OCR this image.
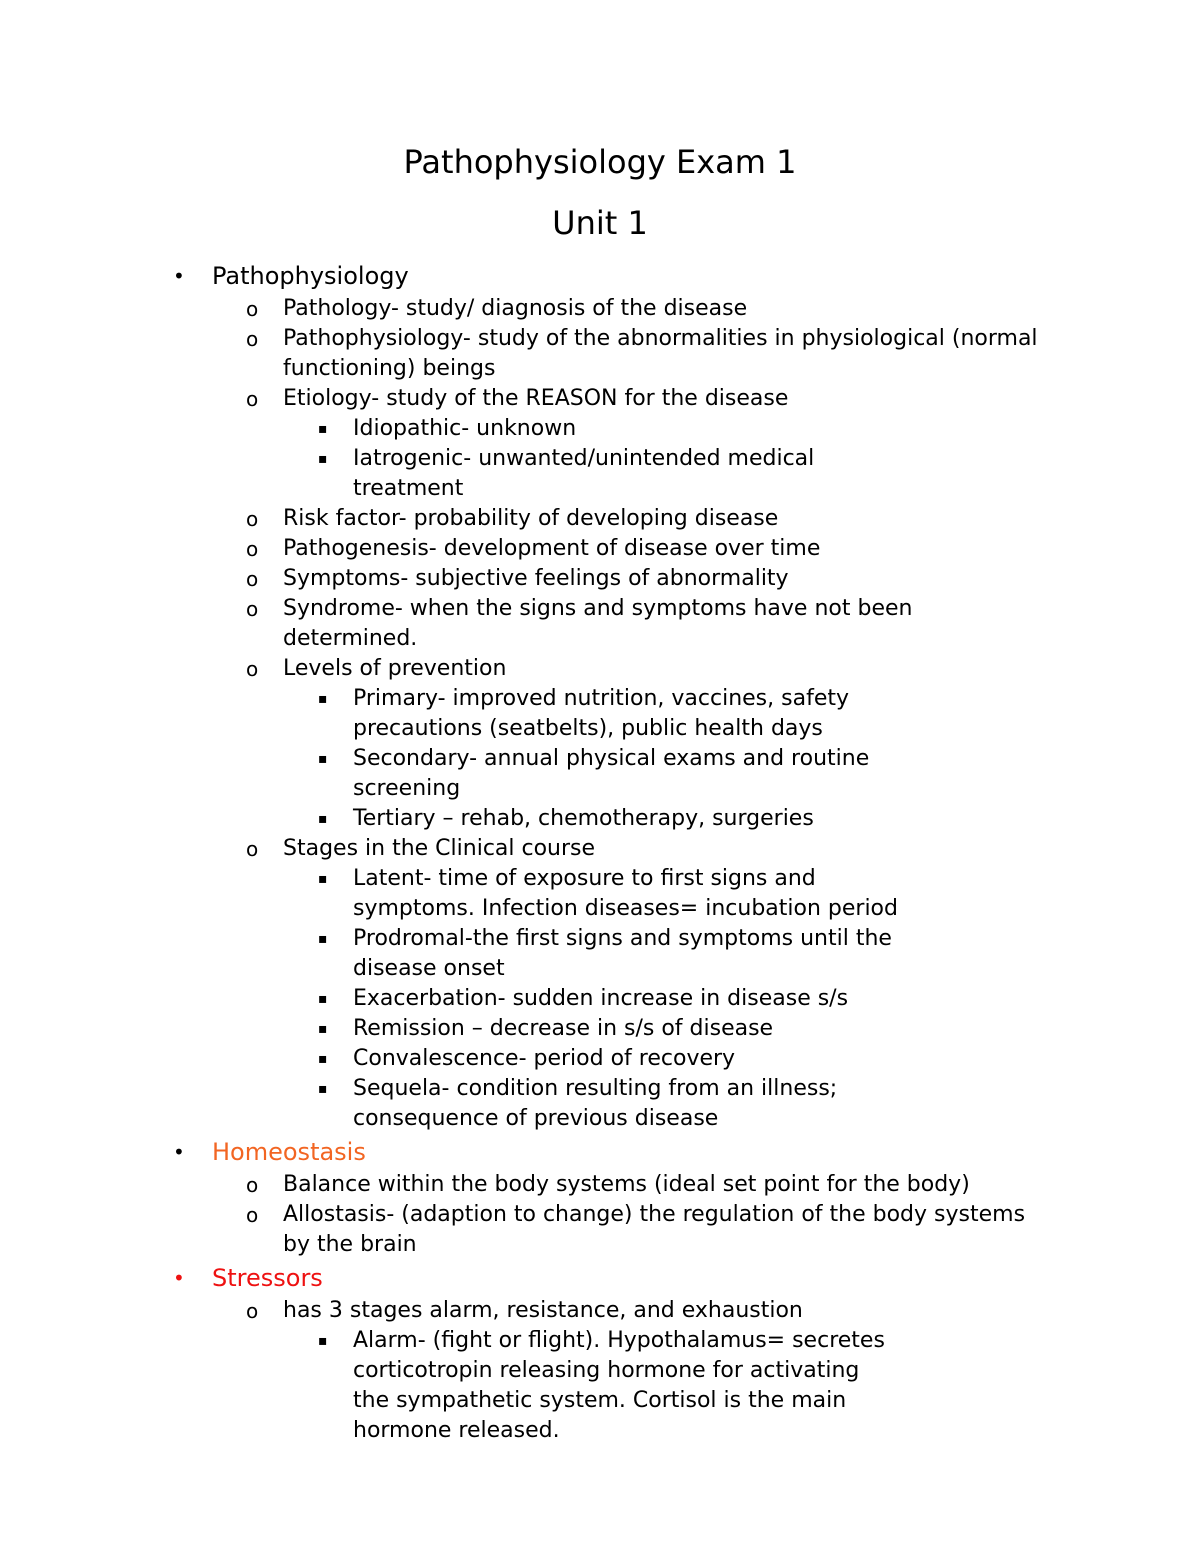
Pathophysiology Exam 1
Unit 1
• Pathophysiology
o Pathology- study/ diagnosis of the disease
o Pathophysiology- study of the abnormalities in physiological (normal functioning) beings
o Etiology- study of the REASON for the disease
▪ Idiopathic- unknown
▪ Iatrogenic- unwanted/unintended medical treatment
o Risk factor- probability of developing disease
o Pathogenesis- development of disease over time
o Symptoms- subjective feelings of abnormality
o Syndrome- when the signs and symptoms have not been determined.
o Levels of prevention
▪ Primary- improved nutrition, vaccines, safety precautions (seatbelts), public health days
▪ Secondary- annual physical exams and routine screening
▪ Tertiary – rehab, chemotherapy, surgeries
o Stages in the Clinical course
▪ Latent- time of exposure to first signs and symptoms. Infection diseases= incubation period
▪ Prodromal-the first signs and symptoms until the disease onset
▪ Exacerbation- sudden increase in disease s/s
▪ Remission – decrease in s/s of disease
▪ Convalescence- period of recovery
▪ Sequela- condition resulting from an illness; consequence of previous disease
• Homeostasis
o Balance within the body systems (ideal set point for the body)
o Allostasis- (adaption to change) the regulation of the body systems by the brain
• Stressors
o has 3 stages alarm, resistance, and exhaustion
▪ Alarm- (fight or flight). Hypothalamus= secretes corticotropin releasing hormone for activating the sympathetic system. Cortisol is the main hormone released.
